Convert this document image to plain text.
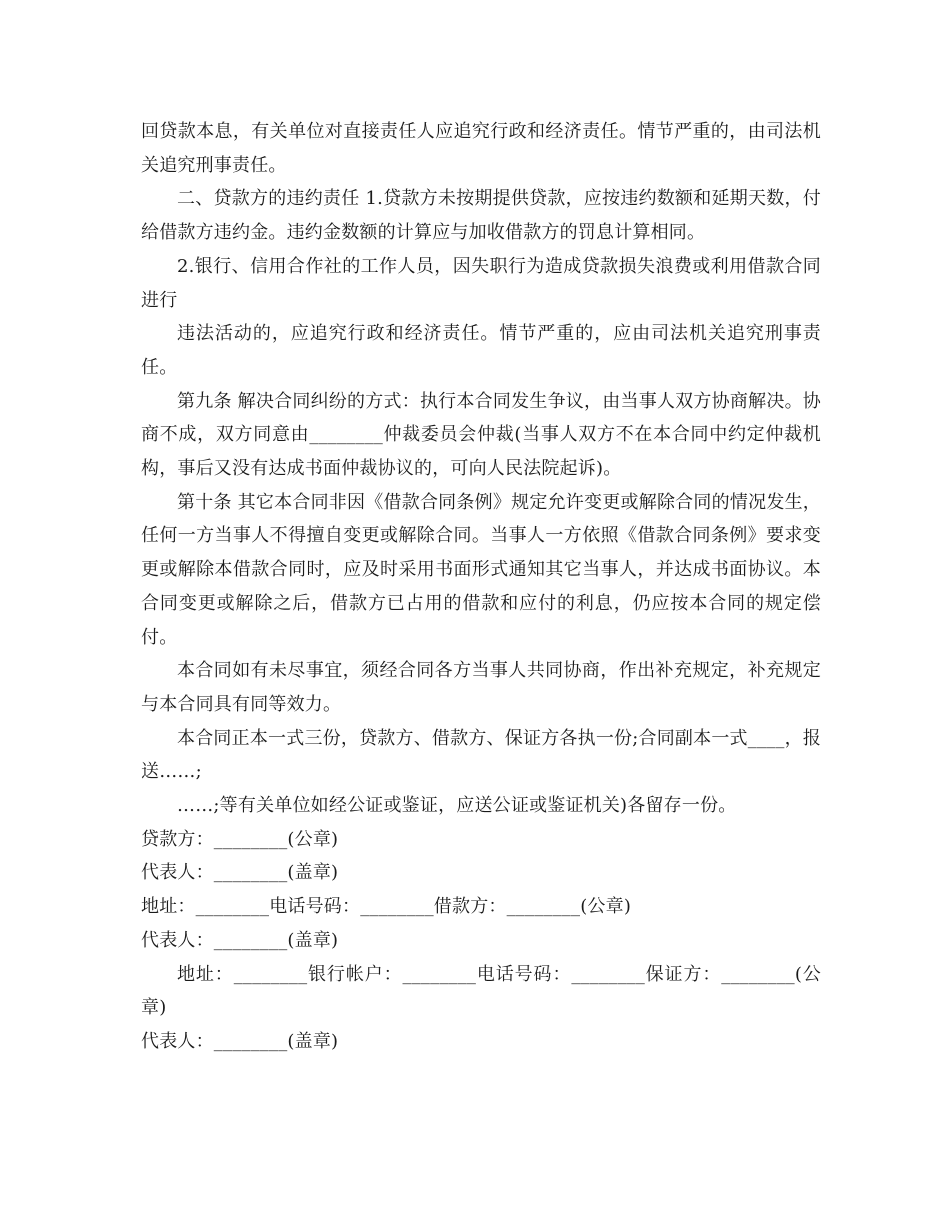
回贷款本息，有关单位对直接责任人应追究行政和经济责任。情节严重的，由司法机关追究刑事责任。

二、贷款方的违约责任 1.贷款方未按期提供贷款，应按违约数额和延期天数，付给借款方违约金。违约金数额的计算应与加收借款方的罚息计算相同。

2.银行、信用合作社的工作人员，因失职行为造成贷款损失浪费或利用借款合同进行

违法活动的，应追究行政和经济责任。情节严重的，应由司法机关追究刑事责任。

第九条 解决合同纠纷的方式：执行本合同发生争议，由当事人双方协商解决。协商不成，双方同意由________仲裁委员会仲裁(当事人双方不在本合同中约定仲裁机构，事后又没有达成书面仲裁协议的，可向人民法院起诉)。

第十条 其它本合同非因《借款合同条例》规定允许变更或解除合同的情况发生，任何一方当事人不得擅自变更或解除合同。当事人一方依照《借款合同条例》要求变更或解除本借款合同时，应及时采用书面形式通知其它当事人，并达成书面协议。本合同变更或解除之后，借款方已占用的借款和应付的利息，仍应按本合同的规定偿付。

本合同如有未尽事宜，须经合同各方当事人共同协商，作出补充规定，补充规定与本合同具有同等效力。

本合同正本一式三份，贷款方、借款方、保证方各执一份;合同副本一式____，报送……;

……;等有关单位如经公证或鉴证，应送公证或鉴证机关)各留存一份。

贷款方：________(公章)

代表人：________(盖章)

地址：________电话号码：________借款方：________(公章)

代表人：________(盖章)

地址：________银行帐户：________电话号码：________保证方：________(公章)

代表人：________(盖章)
